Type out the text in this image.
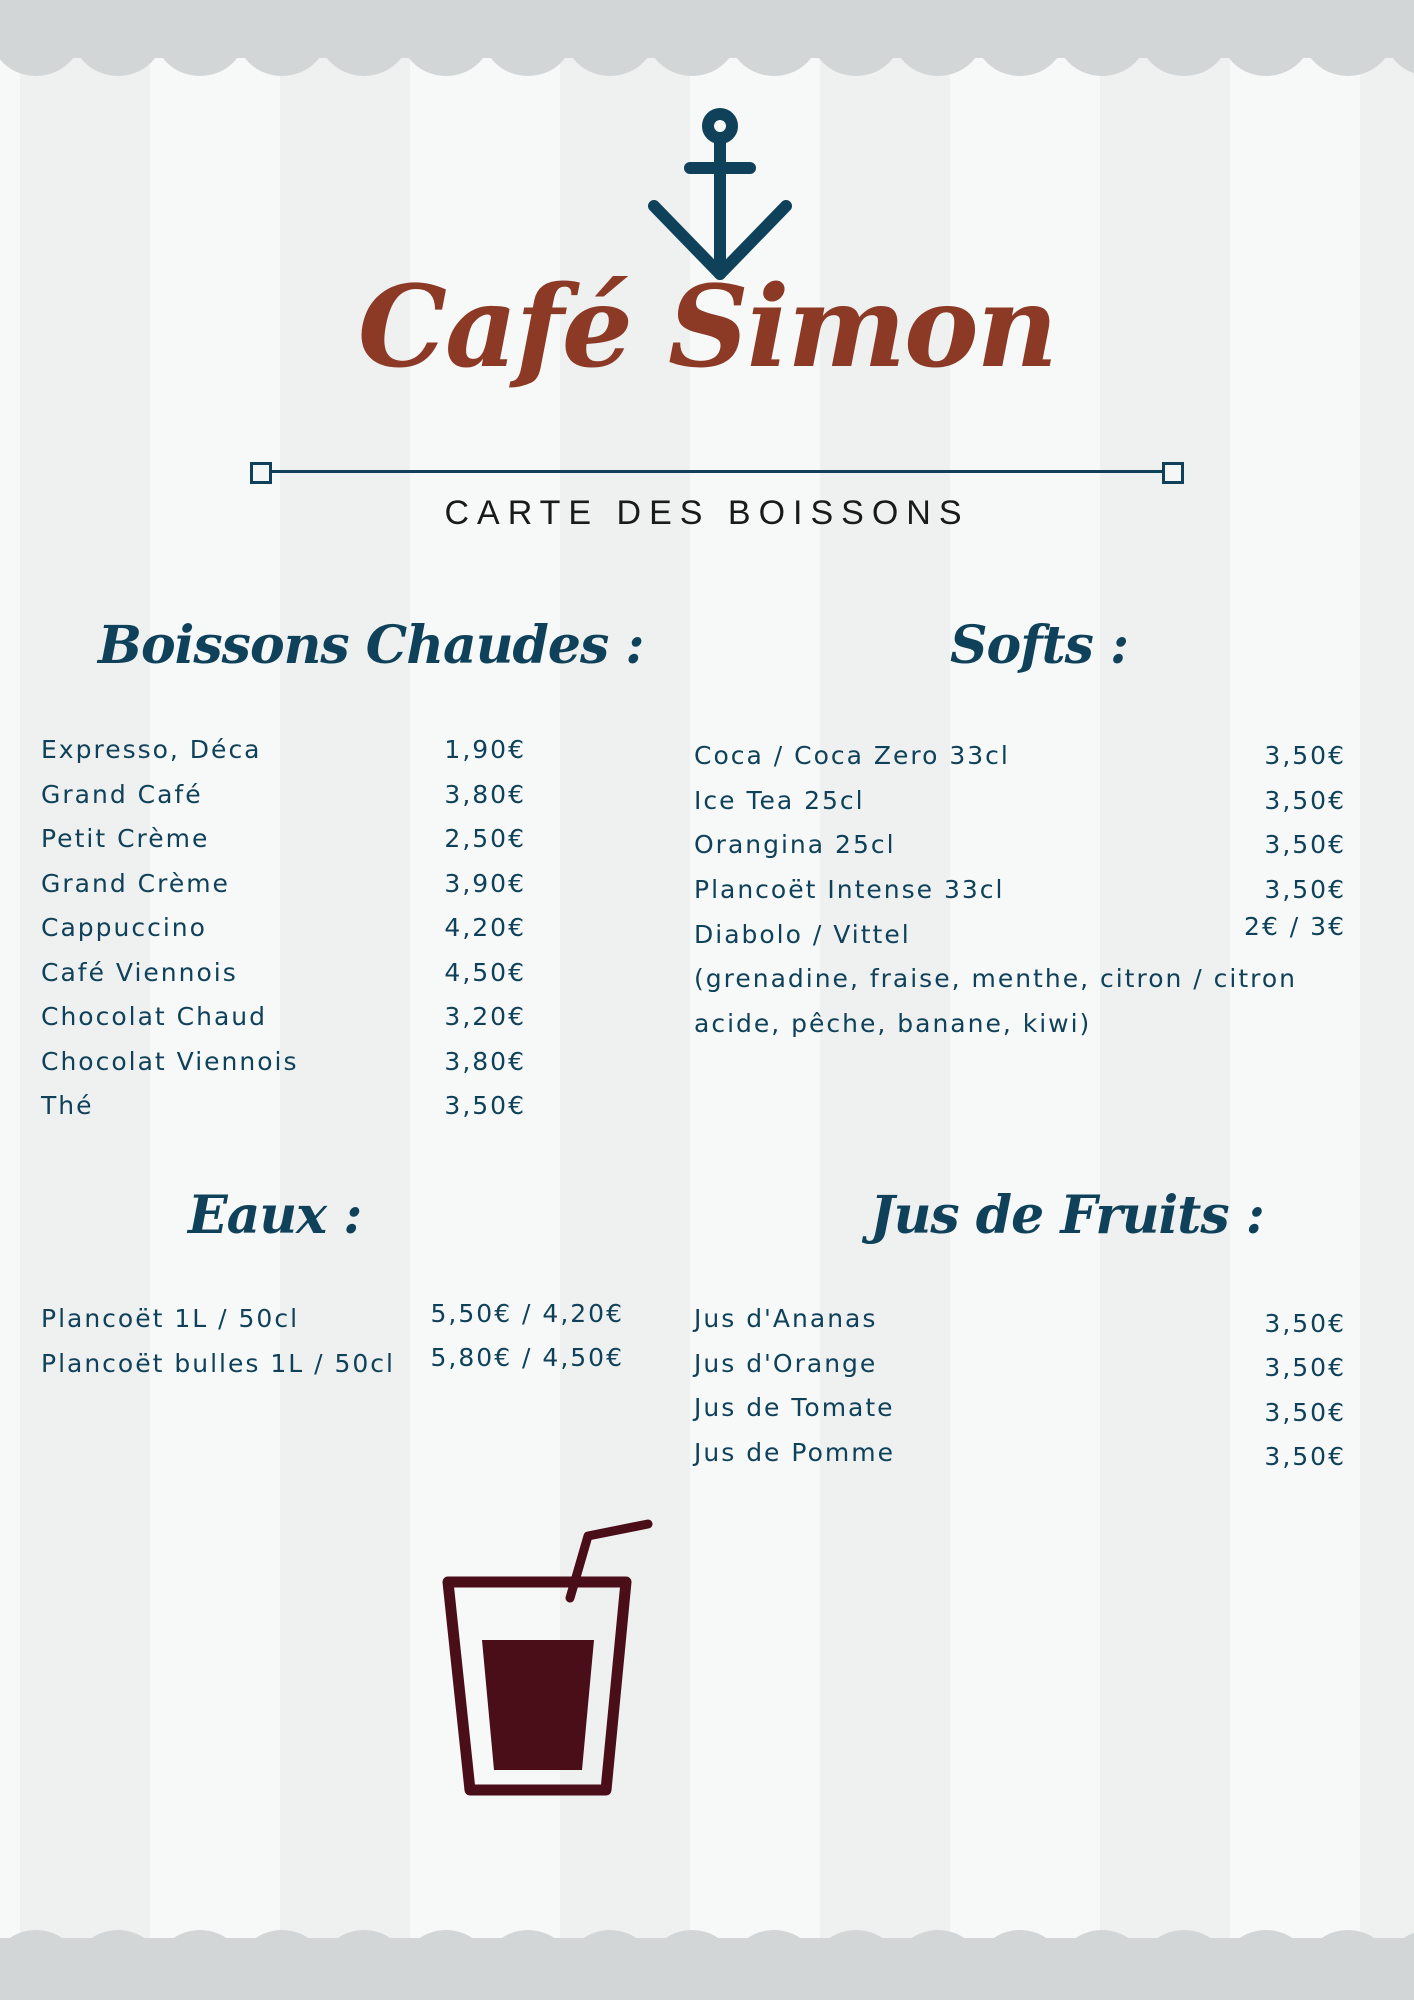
Café Simon
CARTE DES BOISSONS
Boissons Chaudes :
Expresso, Déca	1,90€
Grand Café	3,80€
Petit Crème	2,50€
Grand Crème	3,90€
Cappuccino	4,20€
Café Viennois	4,50€
Chocolat Chaud	3,20€
Chocolat Viennois	3,80€
Thé	3,50€
Softs :
Coca / Coca Zero 33cl	3,50€
Ice Tea 25cl	3,50€
Orangina 25cl	3,50€
Plancoët Intense 33cl	3,50€
Diabolo / Vittel	2€ / 3€
(grenadine, fraise, menthe, citron / citron
acide, pêche, banane, kiwi)
Eaux :
Plancoët 1L / 50cl	5,50€ / 4,20€
Plancoët bulles 1L / 50cl	5,80€ / 4,50€
Jus de Fruits :
Jus d'Ananas	3,50€
Jus d'Orange	3,50€
Jus de Tomate	3,50€
Jus de Pomme	3,50€
